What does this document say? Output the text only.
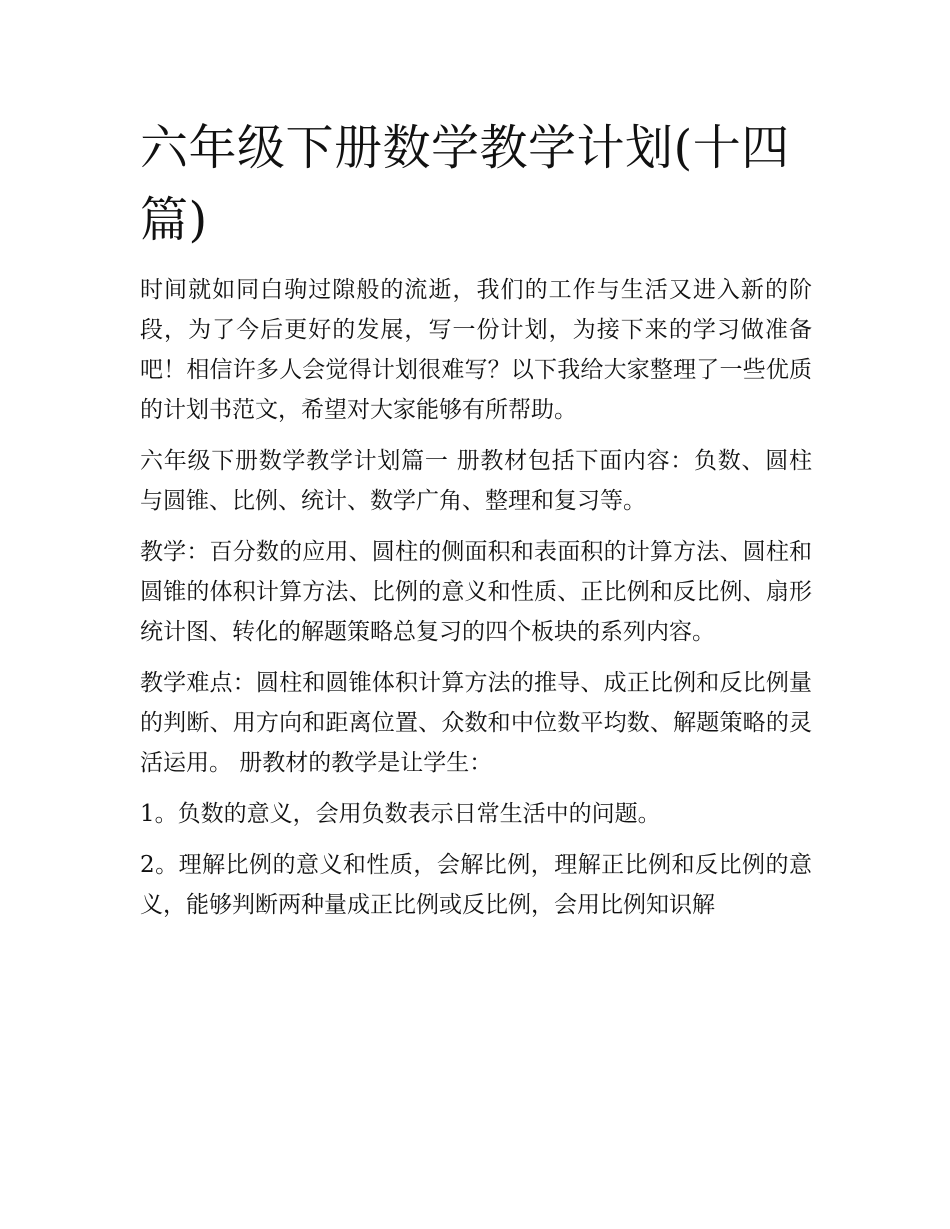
六年级下册数学教学计划(十四篇)

时间就如同白驹过隙般的流逝，我们的工作与生活又进入新的阶段，为了今后更好的发展，写一份计划，为接下来的学习做准备吧！相信许多人会觉得计划很难写？以下我给大家整理了一些优质的计划书范文，希望对大家能够有所帮助。

六年级下册数学教学计划篇一 册教材包括下面内容：负数、圆柱与圆锥、比例、统计、数学广角、整理和复习等。

教学：百分数的应用、圆柱的侧面积和表面积的计算方法、圆柱和圆锥的体积计算方法、比例的意义和性质、正比例和反比例、扇形统计图、转化的解题策略总复习的四个板块的系列内容。

教学难点：圆柱和圆锥体积计算方法的推导、成正比例和反比例量的判断、用方向和距离位置、众数和中位数平均数、解题策略的灵活运用。 册教材的教学是让学生：

1。负数的意义，会用负数表示日常生活中的问题。

2。理解比例的意义和性质，会解比例，理解正比例和反比例的意义，能够判断两种量成正比例或反比例，会用比例知识解
